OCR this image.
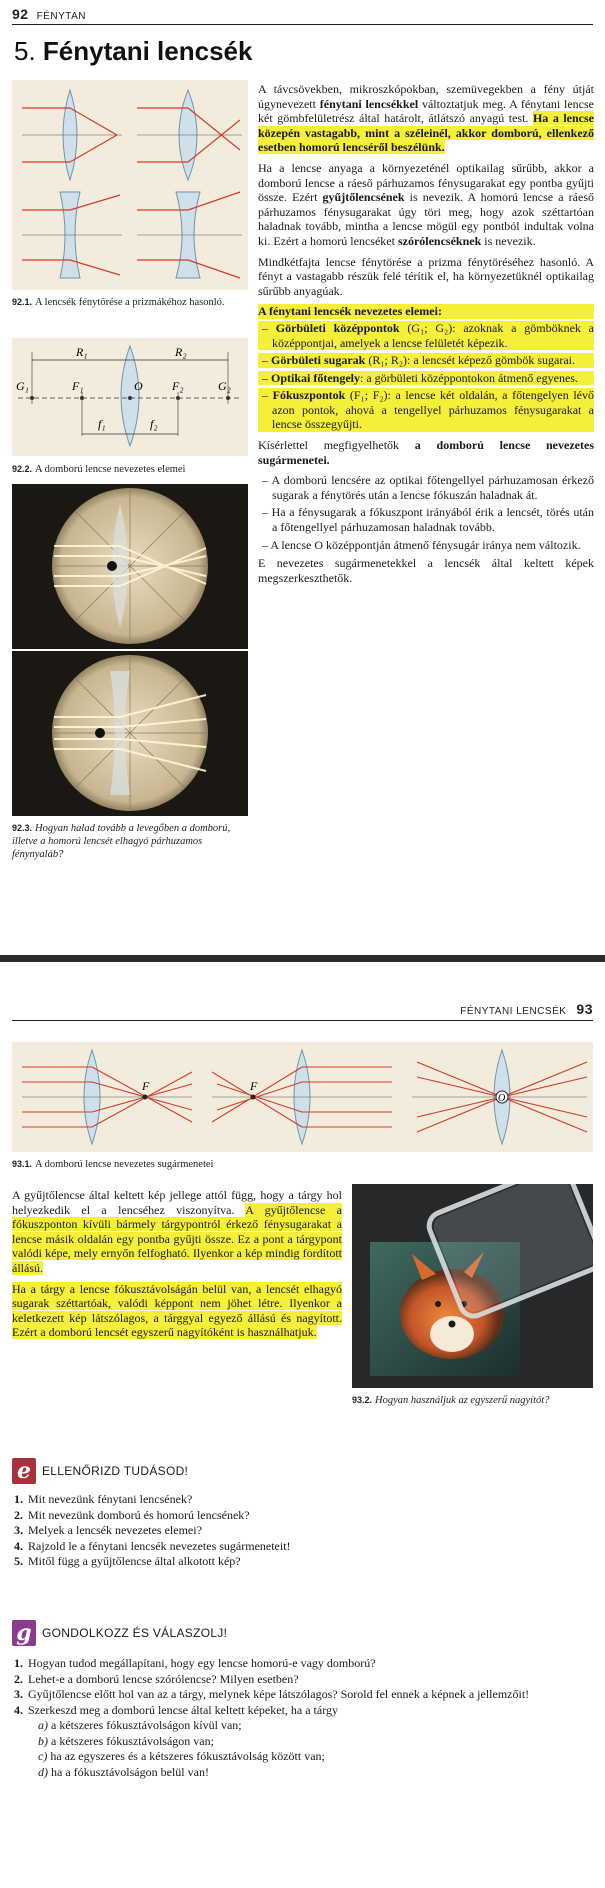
92 FÉNYTAN
5. Fénytani lencsék
92.1. A lencsék fénytörése a prizmákéhoz hasonló.
R₁	R₂
G₁	F₁	O F₂	G₂
f₁	f₂
92.2. A domború lencse nevezetes elemei
92.3. Hogyan halad tovább a levegőben a domború, illetve a homorú lencsét elhagyó párhuzamos fénynyaláb?

A távcsövekben, mikroszkópokban, szemüvegekben a fény útját úgynevezett fénytani lencsékkel változtatjuk meg. A fénytani lencse két gömbfelületrész által határolt, átlátszó anyagú test. Ha a lencse közepén vastagabb, mint a széleinél, akkor domború, ellenkező esetben homorú lencséről beszélünk.

Ha a lencse anyaga a környezeténél optikailag sűrűbb, akkor a domború lencse a ráeső párhuzamos fénysugarakat egy pontba gyűjti össze. Ezért gyűjtőlencsének is nevezik. A homorú lencse a ráeső párhuzamos fénysugarakat úgy töri meg, hogy azok széttartóan haladnak tovább, mintha a lencse mögül egy pontból indultak volna ki. Ezért a homorú lencséket szórólencséknek is nevezik.

Mindkétfajta lencse fénytörése a prizma fénytöréséhez hasonló. A fényt a vastagabb részük felé térítik el, ha környezetüknél optikailag sűrűbb anyagúak.

A fénytani lencsék nevezetes elemei:
– Görbületi középpontok (G₁; G₂): azoknak a gömböknek a középpontjai, amelyek a lencse felületét képezik.
– Görbületi sugarak (R₁; R₂): a lencsét képező gömbök sugarai.
– Optikai főtengely: a görbületi középpontokon átmenő egyenes.
– Fókuszpontok (F₁; F₂): a lencse két oldalán, a főtengelyen lévő azon pontok, ahová a tengellyel párhuzamos fénysugarakat a lencse összegyűjti.

Kísérlettel megfigyelhetők a domború lencse nevezetes sugármenetei.

– A domború lencsére az optikai főtengellyel párhuzamosan érkező sugarak a fénytörés után a lencse fókuszán haladnak át.
– Ha a fénysugarak a fókuszpont irányából érik a lencsét, törés után a főtengellyel párhuzamosan haladnak tovább.
– A lencse O középpontján átmenő fénysugár iránya nem változik.

E nevezetes sugármenetekkel a lencsék által keltett képek megszerkeszthetők.

FÉNYTANI LENCSÉK 93
F	F
O
93.1. A domború lencse nevezetes sugármenetei

A gyűjtőlencse által keltett kép jellege attól függ, hogy a tárgy hol helyezkedik el a lencséhez viszonyítva. A gyűjtőlencse a fókuszponton kívüli bármely tárgypontról érkező fénysugarakat a lencse másik oldalán egy pontba gyűjti össze. Ez a pont a tárgypont valódi képe, mely ernyőn felfogható. Ilyenkor a kép mindig fordított állású.

Ha a tárgy a lencse fókusztávolságán belül van, a lencsét elhagyó sugarak széttartóak, valódi képpont nem jöhet létre. Ilyenkor a keletkezett kép látszólagos, a tárggyal egyező állású és nagyított. Ezért a domború lencsét egyszerű nagyítóként is használhatjuk.

93.2. Hogyan használjuk az egyszerű nagyítót?
e ELLENŐRIZD TUDÁSOD!
1. Mit nevezünk fénytani lencsének?
2. Mit nevezünk domború és homorú lencsének?
3. Melyek a lencsék nevezetes elemei?
4. Rajzold le a fénytani lencsék nevezetes sugármeneteit!
5. Mitől függ a gyűjtőlencse által alkotott kép?
g GONDOLKOZZ ÉS VÁLASZOLJ!
1. Hogyan tudod megállapítani, hogy egy lencse homorú-e vagy domború?
2. Lehet-e a domború lencse szórólencse? Milyen esetben?
3. Gyűjtőlencse előtt hol van az a tárgy, melynek képe látszólagos? Sorold fel ennek a képnek a jellemzőit!
4. Szerkeszd meg a domború lencse által keltett képeket, ha a tárgy
a) a kétszeres fókusztávolságon kívül van;
b) a kétszeres fókusztávolságon van;
c) ha az egyszeres és a kétszeres fókusztávolság között van;
d) ha a fókusztávolságon belül van!
